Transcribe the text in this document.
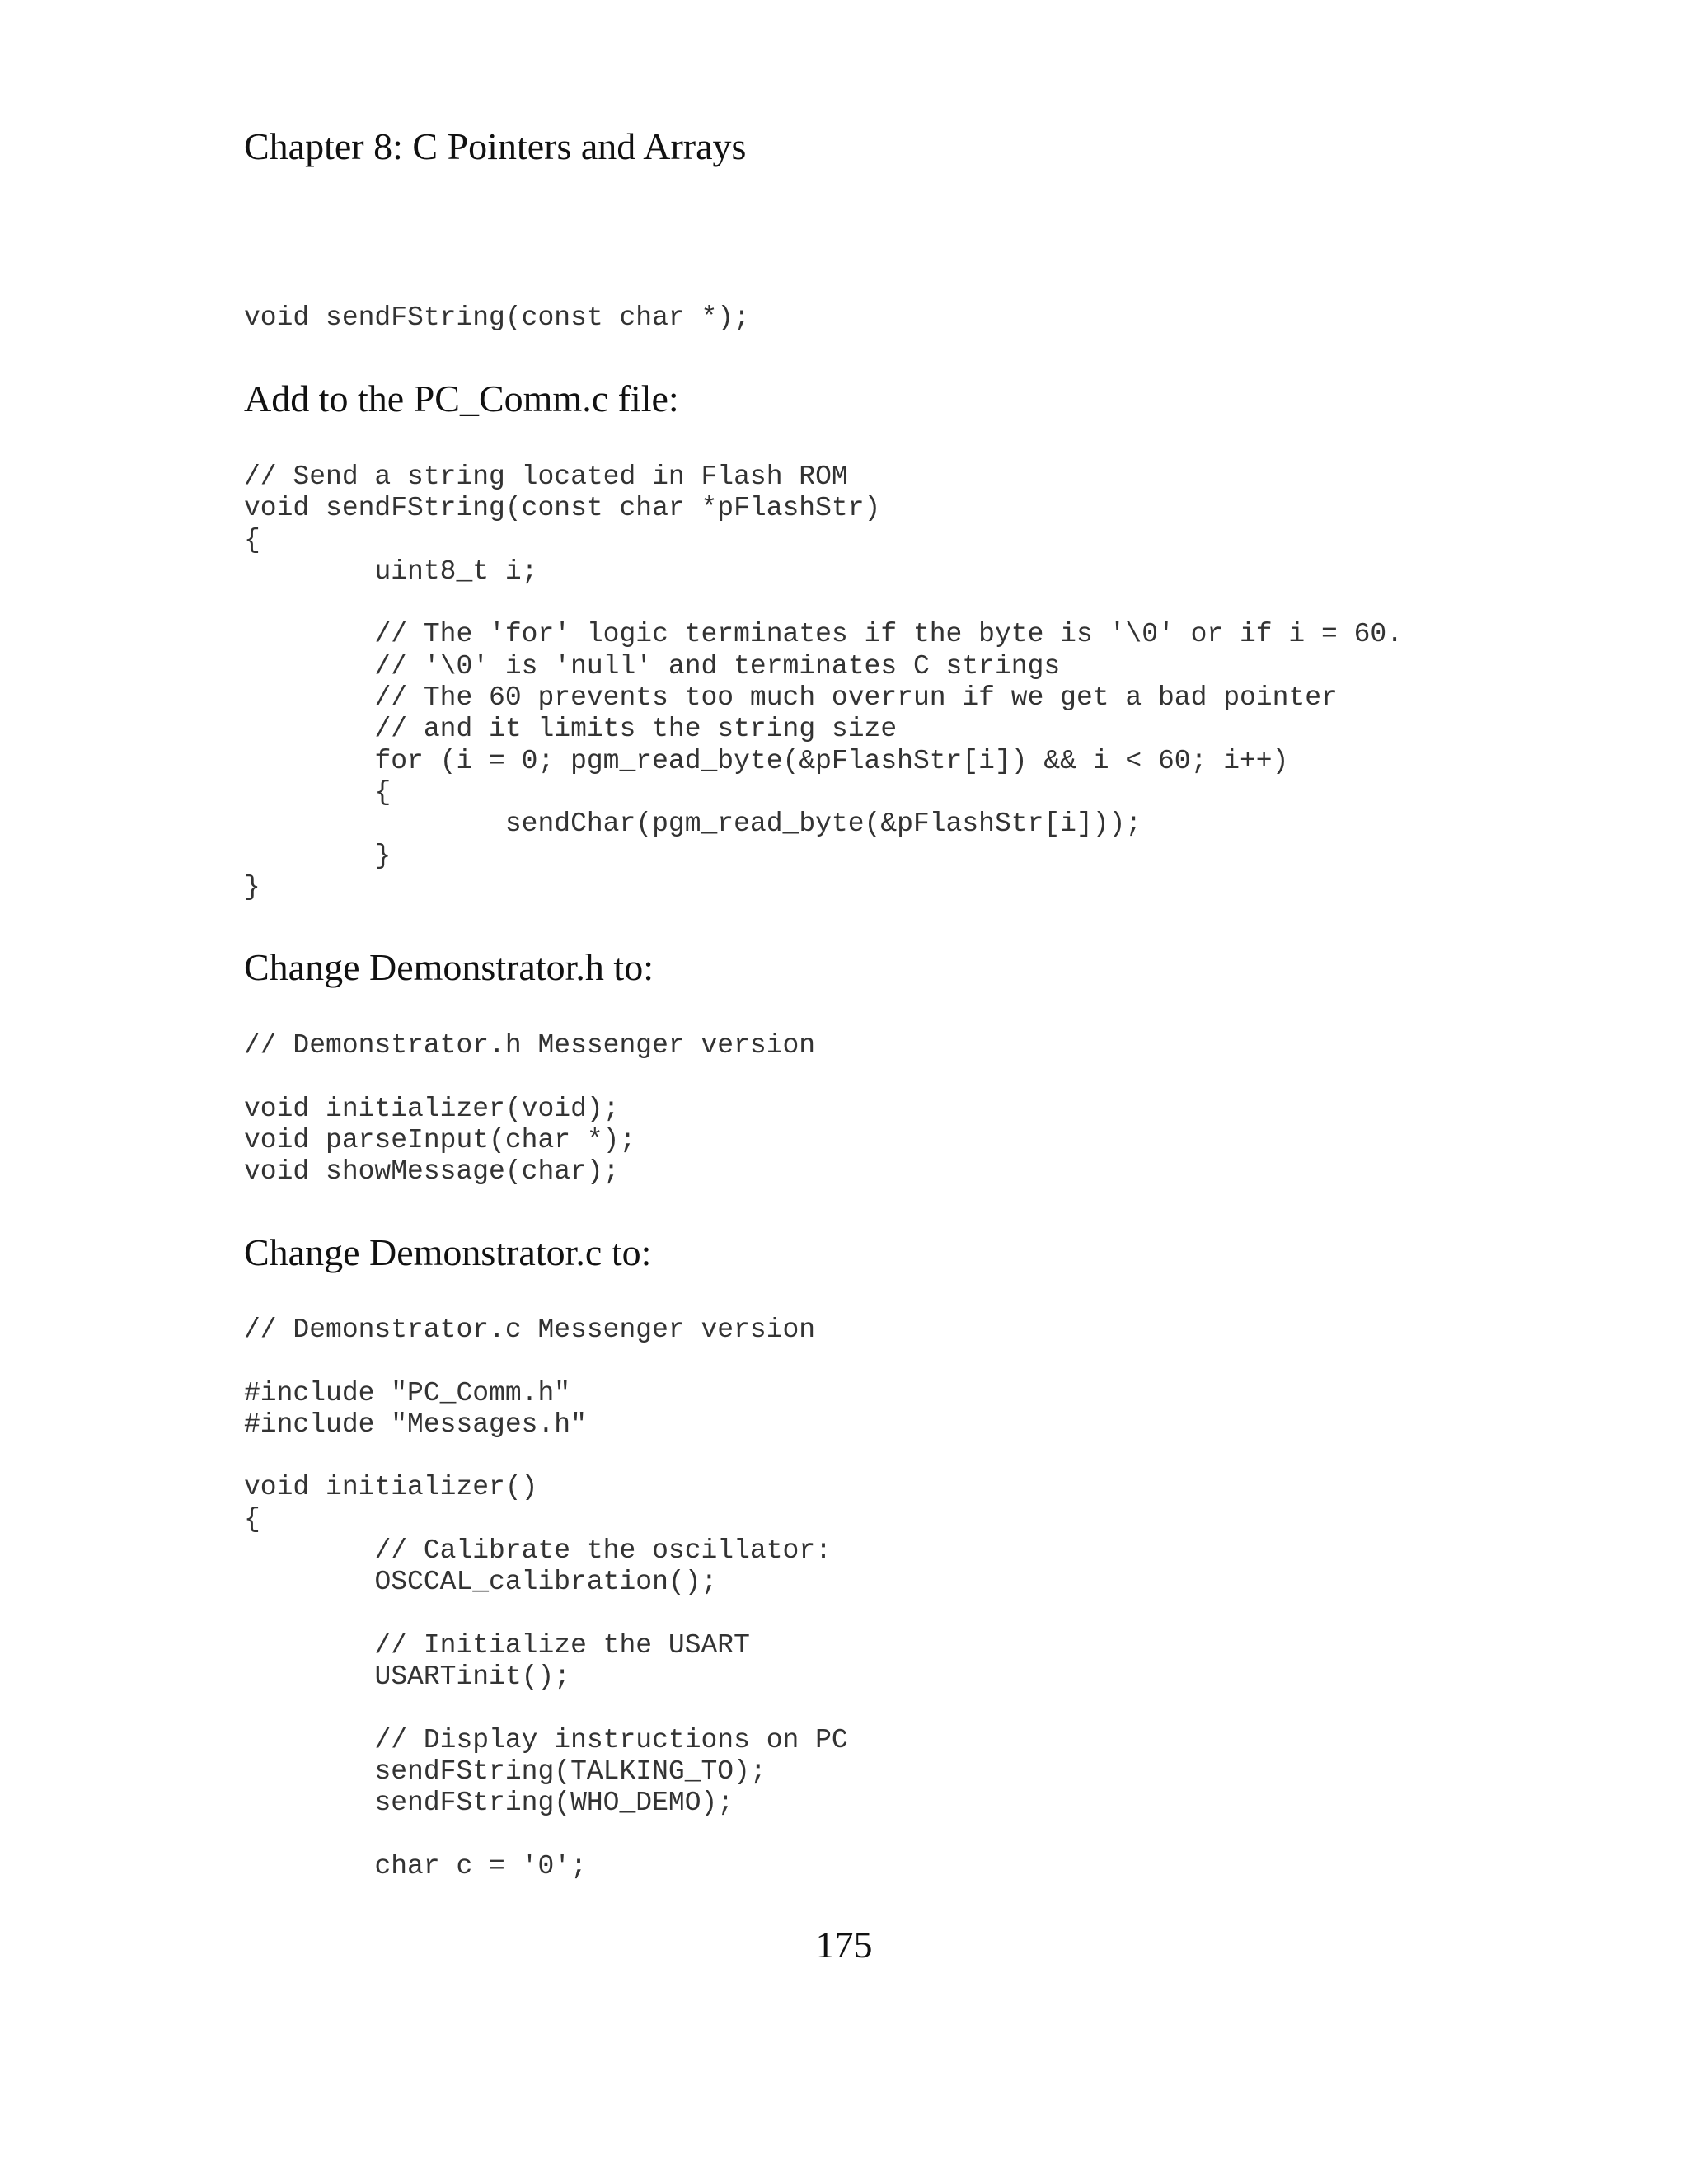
Chapter 8: C Pointers and Arrays
void sendFString(const char *);
Add to the PC_Comm.c file:
// Send a string located in Flash ROM
void sendFString(const char *pFlashStr)
{
	uint8_t i;

	// The 'for' logic terminates if the byte is '\0' or if i = 60.
	// '\0' is 'null' and terminates C strings
	// The 60 prevents too much overrun if we get a bad pointer
	// and it limits the string size
	for (i = 0; pgm_read_byte(&pFlashStr[i]) && i < 60; i++)
	{
		sendChar(pgm_read_byte(&pFlashStr[i]));
	}
}
Change Demonstrator.h to:
// Demonstrator.h Messenger version

void initializer(void);
void parseInput(char *);
void showMessage(char);
Change Demonstrator.c to:
// Demonstrator.c Messenger version

#include "PC_Comm.h"
#include "Messages.h"

void initializer()
{
	// Calibrate the oscillator:
	OSCCAL_calibration();

	// Initialize the USART
	USARTinit();

	// Display instructions on PC
	sendFString(TALKING_TO);
	sendFString(WHO_DEMO);

	char c = '0';
175
